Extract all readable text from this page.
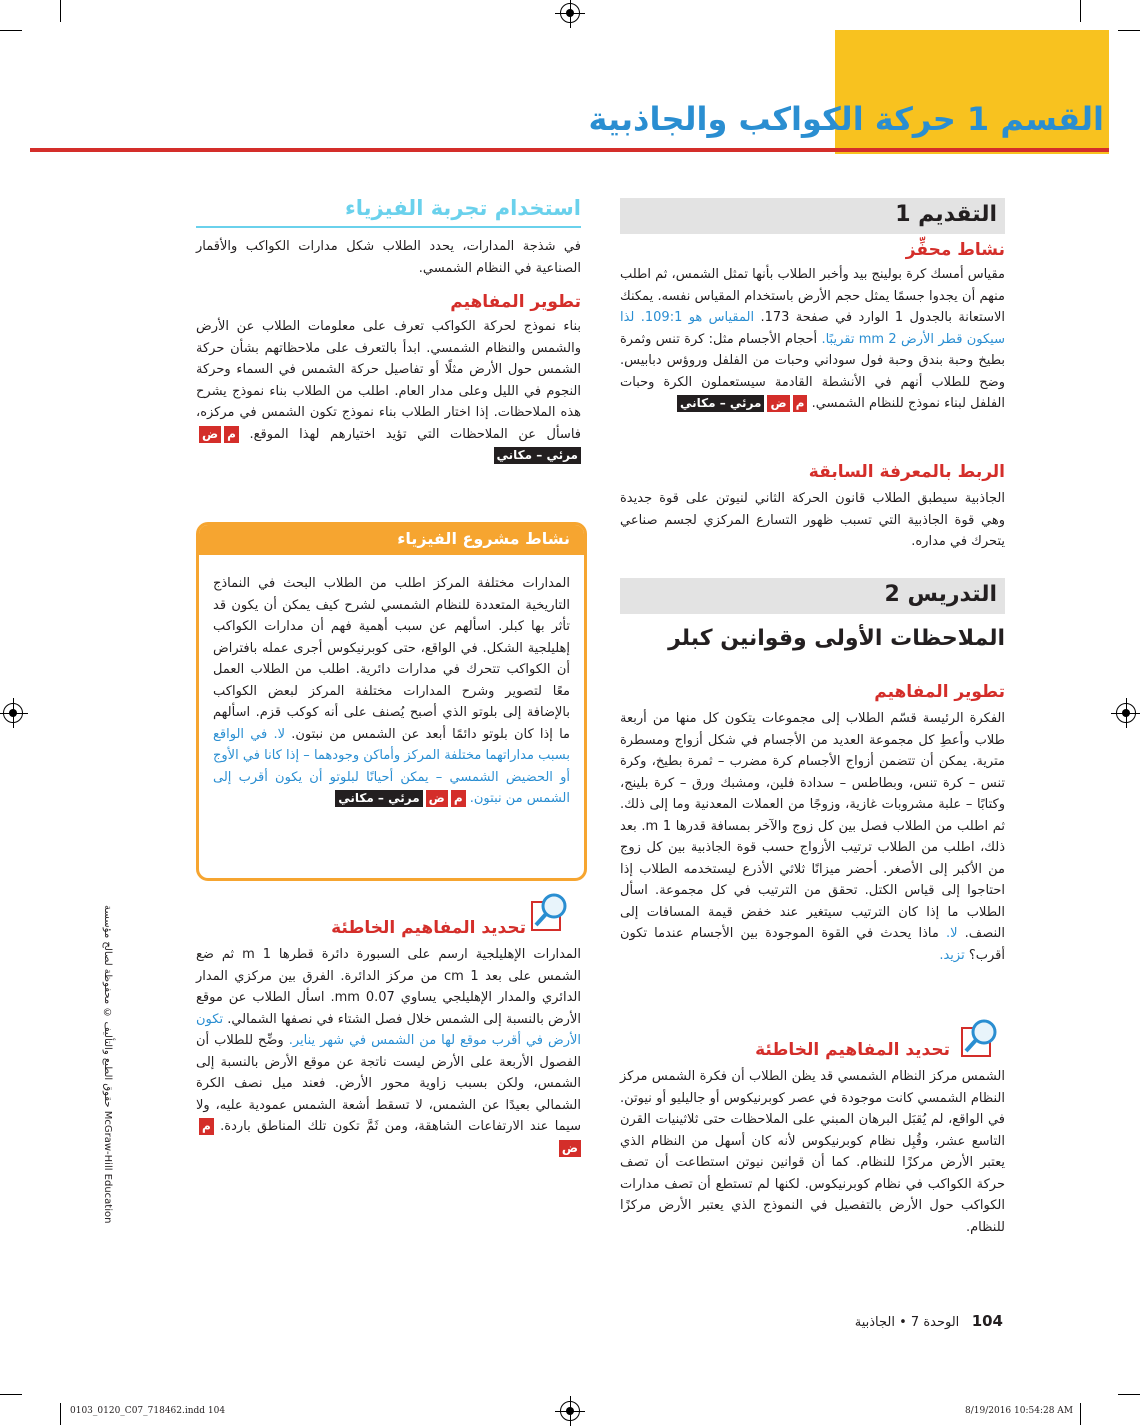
القسم 1 حركة الكواكب والجاذبية
1 التقديم
نشاط محفِّز
مقياس أمسك كرة بولينج بيد وأخبر الطلاب بأنها تمثل الشمس، ثم اطلب منهم أن يجدوا جسمًا يمثل حجم الأرض باستخدام المقياس نفسه. يمكنك الاستعانة بالجدول 1 الوارد في صفحة 173. المقياس هو 109:1. لذا سيكون قطر الأرض 2 mm تقريبًا. أحجام الأجسام مثل: كرة تنس وثمرة بطيخ وحبة بندق وحبة فول سوداني وحبات من الفلفل وروؤس دبابيس. وضح للطلاب أنهم في الأنشطة القادمة سيستعملون الكرة وحبات الفلفل لبناء نموذج للنظام الشمسي. مضمرئي – مكاني
الربط بالمعرفة السابقة
الجاذبية سيطبق الطلاب قانون الحركة الثاني لنيوتن على قوة جديدة وهي قوة الجاذبية التي تسبب ظهور التسارع المركزي لجسم صناعي يتحرك في مداره.
2 التدريس
الملاحظات الأولى وقوانين كبلر
تطوير المفاهيم
الفكرة الرئيسة قسّم الطلاب إلى مجموعات يتكون كل منها من أربعة طلاب وأعطِ كل مجموعة العديد من الأجسام في شكل أزواج ومسطرة مترية. يمكن أن تتضمن أزواج الأجسام كرة مضرب – ثمرة بطيخ، وكرة تنس – كرة تنس، وبطاطس – سدادة فلين، ومشبك ورق – كرة بلينج، وكتابًا – علبة مشروبات غازية، وزوجًا من العملات المعدنية وما إلى ذلك. ثم اطلب من الطلاب فصل بين كل زوج والآخر بمسافة قدرها 1 m. بعد ذلك، اطلب من الطلاب ترتيب الأزواج حسب قوة الجاذبية بين كل زوج من الأكبر إلى الأصغر. أحضر ميزانًا ثلاثي الأذرع ليستخدمه الطلاب إذا احتاجوا إلى قياس الكتل. تحقق من الترتيب في كل مجموعة. اسأل الطلاب ما إذا كان الترتيب سيتغير عند خفض قيمة المسافات إلى النصف. لا. ماذا يحدث في القوة الموجودة بين الأجسام عندما تكون أقرب؟ تزيد.
تحديد المفاهيم الخاطئة
الشمس مركز النظام الشمسي قد يظن الطلاب أن فكرة الشمس مركز النظام الشمسي كانت موجودة في عصر كوبرنيكوس أو جاليليو أو نيوتن. في الواقع، لم يُقبَل البرهان المبني على الملاحظات حتى ثلاثينيات القرن التاسع عشر، وقُبِل نظام كوبرنيكوس لأنه كان أسهل من النظام الذي يعتبر الأرض مركزًا للنظام. كما أن قوانين نيوتن استطاعت أن تصف حركة الكواكب في نظام كوبرنيكوس. لكنها لم تستطع أن تصف مدارات الكواكب حول الأرض بالتفصيل في النموذج الذي يعتبر الأرض مركزًا للنظام.
استخدام تجربة الفيزياء
في شذجة المدارات، يحدد الطلاب شكل مدارات الكواكب والأقمار الصناعية في النظام الشمسي.
تطوير المفاهيم
بناء نموذج لحركة الكواكب تعرف على معلومات الطلاب عن الأرض والشمس والنظام الشمسي. ابدأ بالتعرف على ملاحظاتهم بشأن حركة الشمس حول الأرض مثلًا أو تفاصيل حركة الشمس في السماء وحركة النجوم في الليل وعلى مدار العام. اطلب من الطلاب بناء نموذج يشرح هذه الملاحظات. إذا اختار الطلاب بناء نموذج تكون الشمس في مركزه، فاسأل عن الملاحظات التي تؤيد اختيارهم لهذا الموقع. مضمرئي – مكاني
نشاط مشروع الفيزياء
المدارات مختلفة المركز اطلب من الطلاب البحث في النماذج التاريخية المتعددة للنظام الشمسي لشرح كيف يمكن أن يكون قد تأثر بها كبلر. اسألهم عن سبب أهمية فهم أن مدارات الكواكب إهليلجية الشكل. في الواقع، حتى كوبرنيكوس أجرى عمله بافتراض أن الكواكب تتحرك في مدارات دائرية. اطلب من الطلاب العمل معًا لتصوير وشرح المدارات مختلفة المركز لبعض الكواكب بالإضافة إلى بلوتو الذي أصبح يُصنف على أنه كوكب قزم. اسألهم ما إذا كان بلوتو دائمًا أبعد عن الشمس من نبتون. لا. في الواقع بسبب مداراتهما مختلفة المركز وأماكن وجودهما – إذا كانا في الأوج أو الحضيض الشمسي – يمكن أحيانًا لبلوتو أن يكون أقرب إلى الشمس من نبتون. مضمرئي – مكاني
تحديد المفاهيم الخاطئة
المدارات الإهليلجية ارسم على السبورة دائرة قطرها 1 m ثم ضع الشمس على بعد 1 cm من مركز الدائرة. الفرق بين مركزي المدار الدائري والمدار الإهليلجي يساوي 0.07 mm. اسأل الطلاب عن موقع الأرض بالنسبة إلى الشمس خلال فصل الشتاء في نصفها الشمالي. تكون الأرض في أقرب موقع لها من الشمس في شهر يناير. وضِّح للطلاب أن الفصول الأربعة على الأرض ليست ناتجة عن موقع الأرض بالنسبة إلى الشمس، ولكن بسبب زاوية محور الأرض. فعند ميل نصف الكرة الشمالي بعيدًا عن الشمس، لا تسقط أشعة الشمس عمودية عليه، ولا سيما عند الارتفاعات الشاهقة، ومن ثَمَّ تكون تلك المناطق باردة. مض
حقوق الطبع والتأليف © محفوظة لصالح مؤسسة McGraw-Hill Education
104   الوحدة 7 • الجاذبية
0103_0120_C07_718462.indd 104	8/19/2016 10:54:28 AM
